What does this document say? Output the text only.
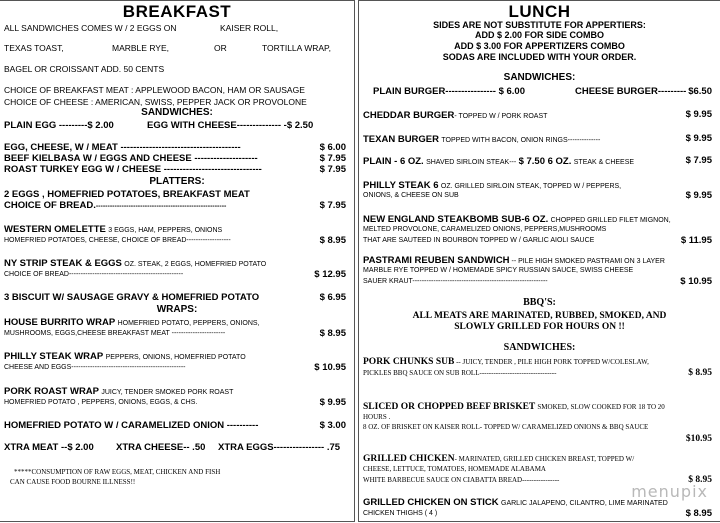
BREAKFAST
ALL SANDWICHES COMES W / 2 EGGS ON	KAISER ROLL,
TEXAS TOAST,	MARBLE RYE,	OR	TORTILLA WRAP,
BAGEL OR CROISSANT ADD. 50 CENTS
CHOICE OF BREAKFAST MEAT : APPLEWOOD BACON, HAM OR SAUSAGE
CHOICE OF CHEESE : AMERICAN, SWISS, PEPPER JACK OR PROVOLONE
SANDWICHES:
PLAIN EGG ---------$ 2.00	EGG WITH CHEESE-------------- -$ 2.50
EGG, CHEESE, W / MEAT --------------------------------------	$ 6.00
BEEF KIELBASA W / EGGS AND CHEESE --------------------	$ 7.95
ROAST TURKEY EGG W / CHEESE -------------------------------	$ 7.95
PLATTERS:
2 EGGS , HOMEFRIED POTATOES, BREAKFAST MEAT
CHOICE OF BREAD.--------------------------------------------------------	$ 7.95
WESTERN OMELETTE 3 EGGS, HAM, PEPPERS, ONIONS
HOMEFRIED POTATOES, CHEESE, CHOICE OF BREAD-------------------	$ 8.95
NY STRIP STEAK & EGGS OZ. STEAK, 2 EGGS, HOMEFRIED POTATO
CHOICE OF BREAD-------------------------------------------------	$ 12.95
3 BISCUIT W/ SAUSAGE GRAVY & HOMEFRIED POTATO	$ 6.95
WRAPS:
HOUSE BURRITO WRAP HOMEFRIED POTATO, PEPPERS, ONIONS,
MUSHROOMS, EGGS,CHEESE BREAKFAST MEAT -----------------------	$ 8.95
PHILLY STEAK WRAP PEPPERS, ONIONS, HOMEFRIED POTATO
CHEESE AND EGGS-------------------------------------------------	$ 10.95
PORK ROAST WRAP JUICY, TENDER SMOKED PORK ROAST
HOMEFRIED POTATO , PEPPERS, ONIONS, EGGS, & CHS.	$ 9.95
HOMEFRIED POTATO W / CARAMELIZED ONION ----------	$ 3.00
XTRA MEAT --$ 2.00 XTRA CHEESE-- .50 XTRA EGGS---------------- .75
*****CONSUMPTION OF RAW EGGS, MEAT, CHICKEN AND FISH
CAN CAUSE FOOD BOURNE ILLNESS!!
LUNCH
SIDES ARE NOT SUBSTITUTE FOR APPERTIERS:
ADD $ 2.00 FOR SIDE COMBO
ADD $ 3.00 FOR APPERTIZERS COMBO
SODAS ARE INCLUDED WITH YOUR ORDER.
SANDWICHES:
PLAIN BURGER---------------- $ 6.00	CHEESE BURGER--------- $6.50
CHEDDAR BURGER- TOPPED W / PORK ROAST	$ 9.95
TEXAN BURGER TOPPED WITH BACON, ONION RINGS--------------	$ 9.95
PLAIN - 6 OZ. SHAVED SIRLOIN STEAK--- $ 7.50 6 OZ. STEAK & CHEESE	$ 7.95
PHILLY STEAK 6 OZ. GRILLED SIRLOIN STEAK, TOPPED W / PEPPERS,
ONIONS, & CHEESE ON SUB	$ 9.95
NEW ENGLAND STEAKBOMB SUB-6 OZ. CHOPPED GRILLED FILET MIGNON,
MELTED PROVOLONE, CARAMELIZED ONIONS, PEPPERS,MUSHROOMS
THAT ARE SAUTEED IN BOURBON TOPPED W / GARLIC AIOLI SAUCE	$ 11.95
PASTRAMI REUBEN SANDWICH -- PILE HIGH SMOKED PASTRAMI ON 3 LAYER
MARBLE RYE TOPPED W / HOMEMADE SPICY RUSSIAN SAUCE, SWISS CHEESE
SAUER KRAUT----------------------------------------------------------	$ 10.95
BBQ'S:
ALL MEATS ARE MARINATED, RUBBED, SMOKED, AND
SLOWLY GRILLED FOR HOURS ON !!
SANDWICHES:
PORK CHUNKS SUB -- JUICY, TENDER , PILE HIGH PORK TOPPED W/COLESLAW,
PICKLES BBQ SAUCE ON SUB ROLL---------------------------------	$ 8.95
SLICED OR CHOPPED BEEF BRISKET SMOKED, SLOW COOKED FOR 18 TO 20
HOURS .
8 OZ. OF BRISKET ON KAISER ROLL- TOPPED W/ CARAMELIZED ONIONS & BBQ SAUCE
$10.95
GRILLED CHICKEN- MARINATED, GRILLED CHICKEN BREAST, TOPPED W/
CHEESE, LETTUCE, TOMATOES, HOMEMADE ALABAMA
WHITE BARBECUE SAUCE ON CIABATTA BREAD----------------	$ 8.95
GRILLED CHICKEN ON STICK GARLIC JALAPENO, CILANTRO, LIME MARINATED
CHICKEN THIGHS ( 4 )	$ 8.95
menupix
